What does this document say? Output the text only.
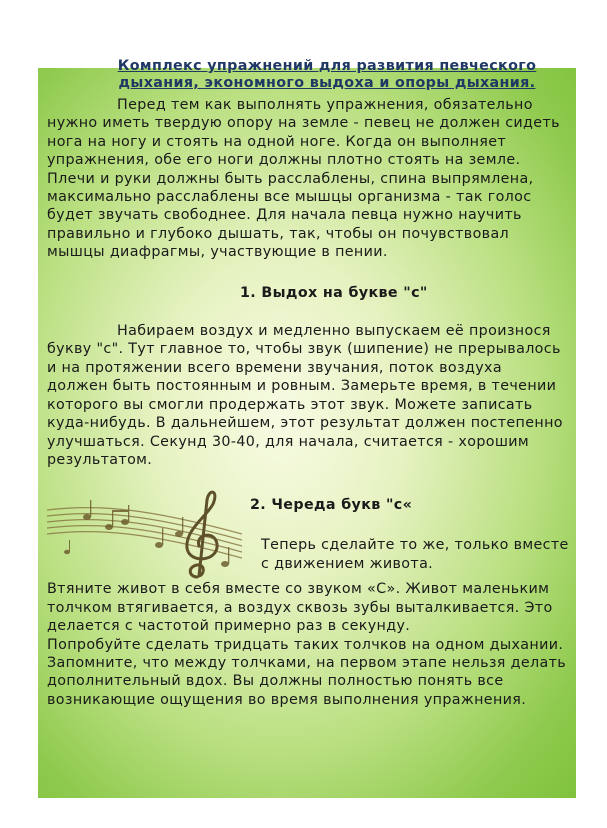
Комплекс упражнений для развития певческого
дыхания, экономного выдоха и опоры дыхания.

Перед тем как выполнять упражнения, обязательно нужно иметь твердую опору на земле - певец не должен сидеть нога на ногу и стоять на одной ноге. Когда он выполняет упражнения, обе его ноги должны плотно стоять на земле. Плечи и руки должны быть расслаблены, спина выпрямлена, максимально расслаблены все мышцы организма - так голос будет звучать свободнее. Для начала певца нужно научить правильно и глубоко дышать, так, чтобы он почувствовал мышцы диафрагмы, участвующие в пении.

1. Выдох на букве "с"

Набираем воздух и медленно выпускаем её произнося букву "с". Тут главное то, чтобы звук (шипение) не прерывалось и на протяжении всего времени звучания, поток воздуха должен быть постоянным и ровным. Замерьте время, в течении которого вы смогли продержать этот звук. Можете записать куда-нибудь. В дальнейшем, этот результат должен постепенно улучшаться. Секунд 30-40, для начала, считается - хорошим результатом.

2. Череда букв "с«

Теперь сделайте то же, только вместе с движением живота.

Втяните живот в себя вместе со звуком «С». Живот маленьким толчком втягивается, а воздух сквозь зубы выталкивается. Это делается с частотой примерно раз в секунду.

Попробуйте сделать тридцать таких толчков на одном дыхании. Запомните, что между толчками, на первом этапе нельзя делать дополнительный вдох. Вы должны полностью понять все возникающие ощущения во время выполнения упражнения.
